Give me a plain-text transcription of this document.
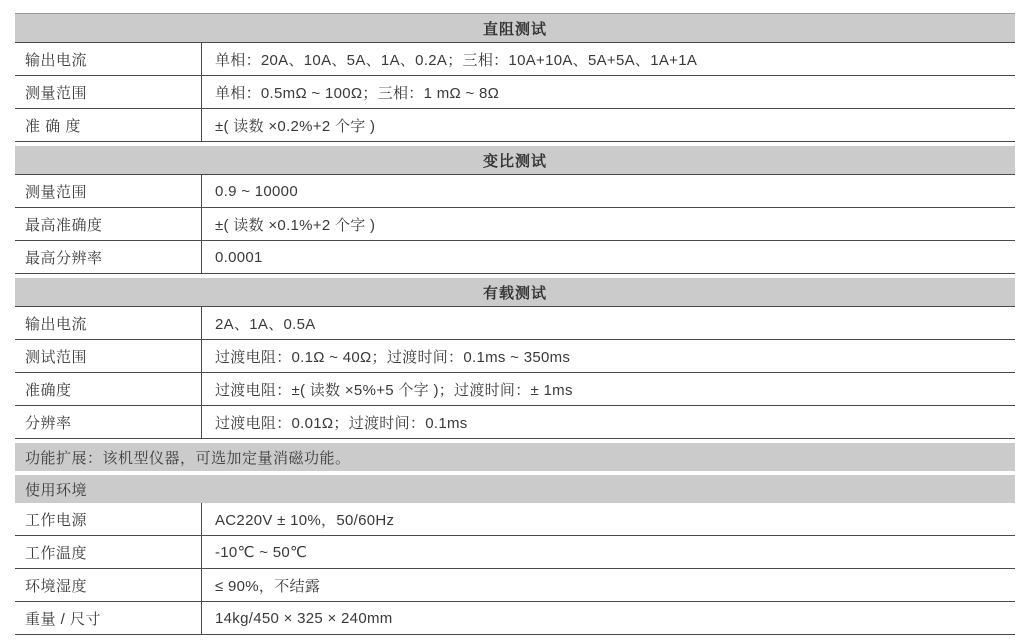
直阻测试
输出电流	单相：20A、10A、5A、1A、0.2A；三相：10A+10A、5A+5A、1A+1A
测量范围	单相：0.5mΩ ~ 100Ω；三相：1 mΩ ~ 8Ω
准 确 度	±( 读数 ×0.2%+2 个字 )
变比测试
测量范围	0.9 ~ 10000
最高准确度	±( 读数 ×0.1%+2 个字 )
最高分辨率	0.0001
有载测试
输出电流	2A、1A、0.5A
测试范围	过渡电阻：0.1Ω ~ 40Ω；过渡时间：0.1ms ~ 350ms
准确度	过渡电阻：±( 读数 ×5%+5 个字 )；过渡时间：± 1ms
分辨率	过渡电阻：0.01Ω；过渡时间：0.1ms
功能扩展：该机型仪器，可选加定量消磁功能。
使用环境
工作电源	AC220V ± 10%，50/60Hz
工作温度	-10℃ ~ 50℃
环境湿度	≤ 90%，不结露
重量 / 尺寸	14kg/450 × 325 × 240mm
